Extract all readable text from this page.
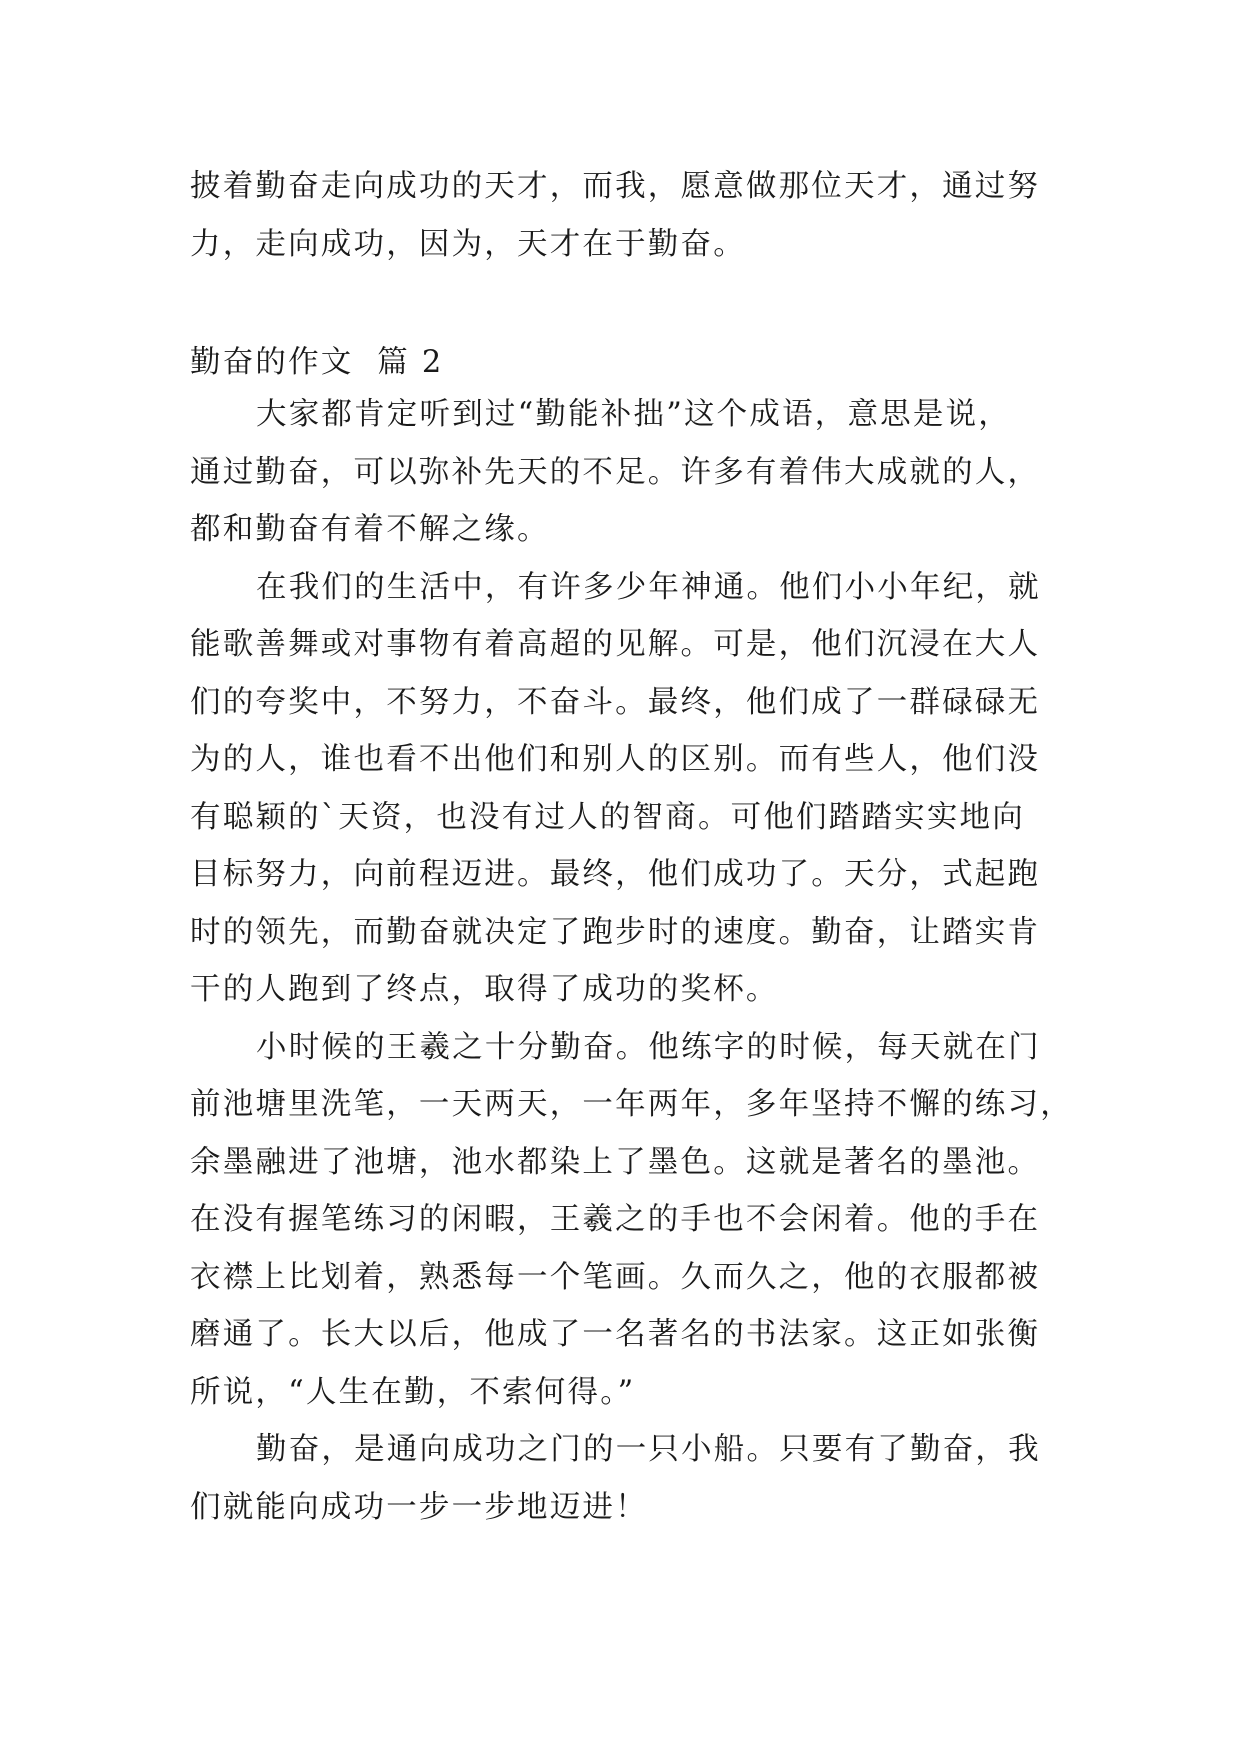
披着勤奋走向成功的天才，而我，愿意做那位天才，通过努
力，走向成功，因为，天才在于勤奋。
勤奋的作文  篇 2
大家都肯定听到过“勤能补拙”这个成语，意思是说，
通过勤奋，可以弥补先天的不足。许多有着伟大成就的人，
都和勤奋有着不解之缘。
在我们的生活中，有许多少年神通。他们小小年纪，就
能歌善舞或对事物有着高超的见解。可是，他们沉浸在大人
们的夸奖中，不努力，不奋斗。最终，他们成了一群碌碌无
为的人，谁也看不出他们和别人的区别。而有些人，他们没
有聪颖的`天资，也没有过人的智商。可他们踏踏实实地向
目标努力，向前程迈进。最终，他们成功了。天分，式起跑
时的领先，而勤奋就决定了跑步时的速度。勤奋，让踏实肯
干的人跑到了终点，取得了成功的奖杯。
小时候的王羲之十分勤奋。他练字的时候，每天就在门
前池塘里洗笔，一天两天，一年两年，多年坚持不懈的练习，
余墨融进了池塘，池水都染上了墨色。这就是著名的墨池。
在没有握笔练习的闲暇，王羲之的手也不会闲着。他的手在
衣襟上比划着，熟悉每一个笔画。久而久之，他的衣服都被
磨通了。长大以后，他成了一名著名的书法家。这正如张衡
所说，“人生在勤，不索何得。”
勤奋，是通向成功之门的一只小船。只要有了勤奋，我
们就能向成功一步一步地迈进！
